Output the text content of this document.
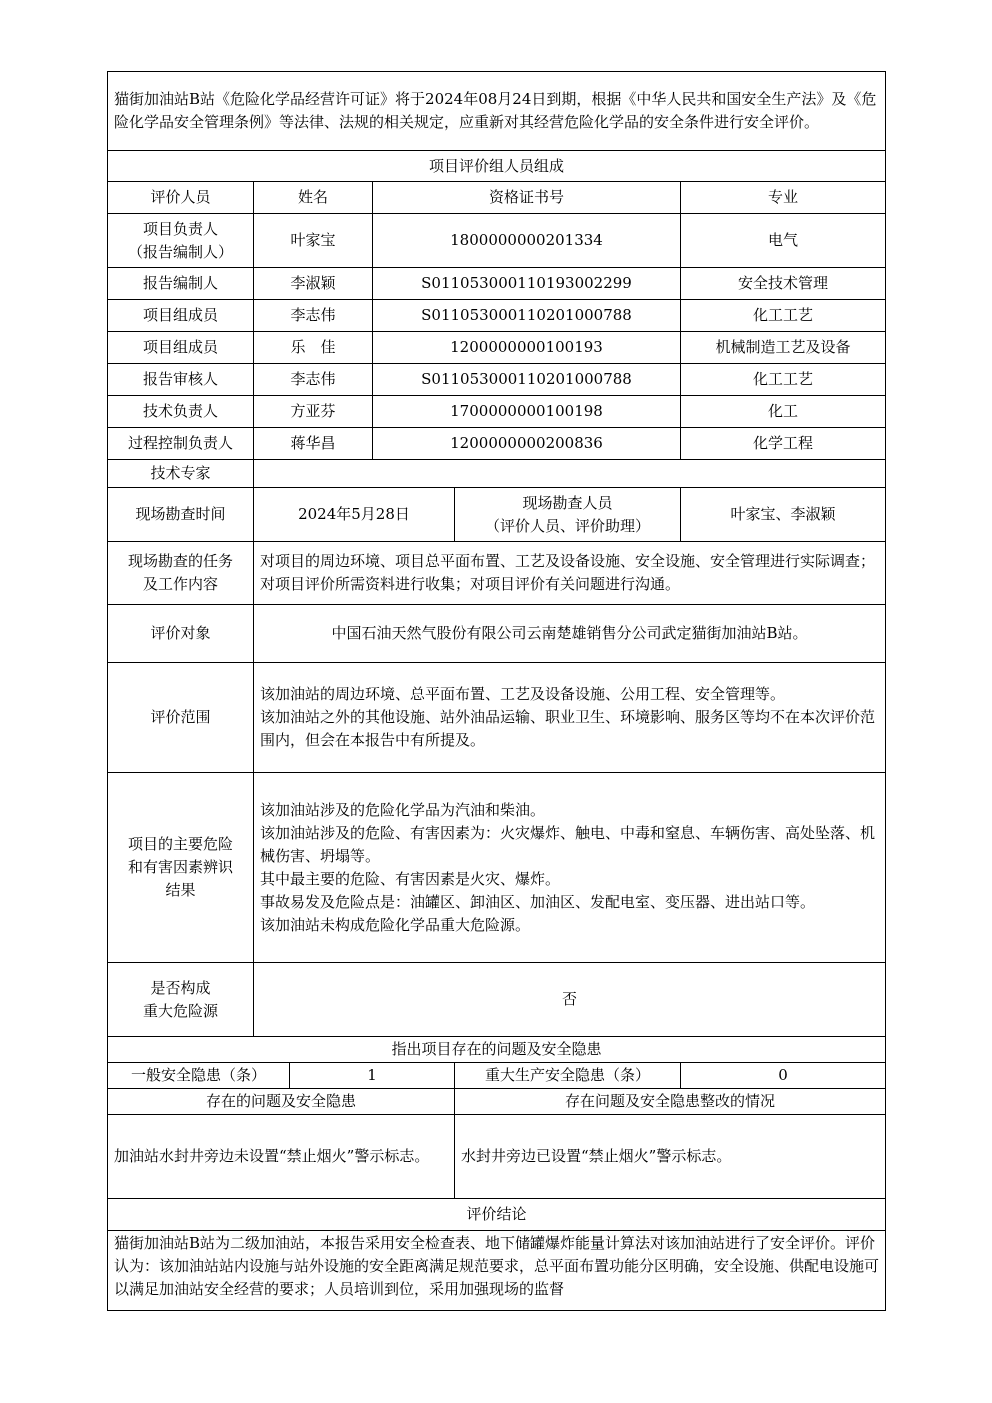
猫街加油站B站《危险化学品经营许可证》将于2024年08月24日到期，根据《中华人民共和国安全生产法》及《危险化学品安全管理条例》等法律、法规的相关规定，应重新对其经营危险化学品的安全条件进行安全评价。					
项目评价组人员组成					
评价人员	姓名		资格证书号		专业
项目负责人
（报告编制人）	叶家宝		1800000000201334		电气
报告编制人	李淑颖		S011053000110193002299		安全技术管理
项目组成员	李志伟		S011053000110201000788		化工工艺
项目组成员	乐　佳		1200000000100193		机械制造工艺及设备
报告审核人	李志伟		S011053000110201000788		化工工艺
技术负责人	方亚芬		1700000000100198		化工
过程控制负责人	蒋华昌		1200000000200836		化学工程
技术专家					
现场勘查时间	2024年5月28日			现场勘查人员
（评价人员、评价助理）	叶家宝、李淑颖
现场勘查的任务
及工作内容	对项目的周边环境、项目总平面布置、工艺及设备设施、安全设施、安全管理进行实际调查；对项目评价所需资料进行收集；对项目评价有关问题进行沟通。				
评价对象	中国石油天然气股份有限公司云南楚雄销售分公司武定猫街加油站B站。				
评价范围	该加油站的周边环境、总平面布置、工艺及设备设施、公用工程、安全管理等。
该加油站之外的其他设施、站外油品运输、职业卫生、环境影响、服务区等均不在本次评价范围内，但会在本报告中有所提及。				
项目的主要危险
和有害因素辨识
结果	该加油站涉及的危险化学品为汽油和柴油。
该加油站涉及的危险、有害因素为：火灾爆炸、触电、中毒和窒息、车辆伤害、高处坠落、机械伤害、坍塌等。
其中最主要的危险、有害因素是火灾、爆炸。
事故易发及危险点是：油罐区、卸油区、加油区、发配电室、变压器、进出站口等。
该加油站未构成危险化学品重大危险源。				
是否构成
重大危险源	否				
指出项目存在的问题及安全隐患					
一般安全隐患（条）		1		重大生产安全隐患（条）	0
存在的问题及安全隐患				存在问题及安全隐患整改的情况	
加油站水封井旁边未设置“禁止烟火”警示标志。				水封井旁边已设置“禁止烟火”警示标志。	
评价结论					
猫街加油站B站为二级加油站，本报告采用安全检查表、地下储罐爆炸能量计算法对该加油站进行了安全评价。评价认为：该加油站站内设施与站外设施的安全距离满足规范要求，总平面布置功能分区明确，安全设施、供配电设施可以满足加油站安全经营的要求；人员培训到位，采用加强现场的监督					
